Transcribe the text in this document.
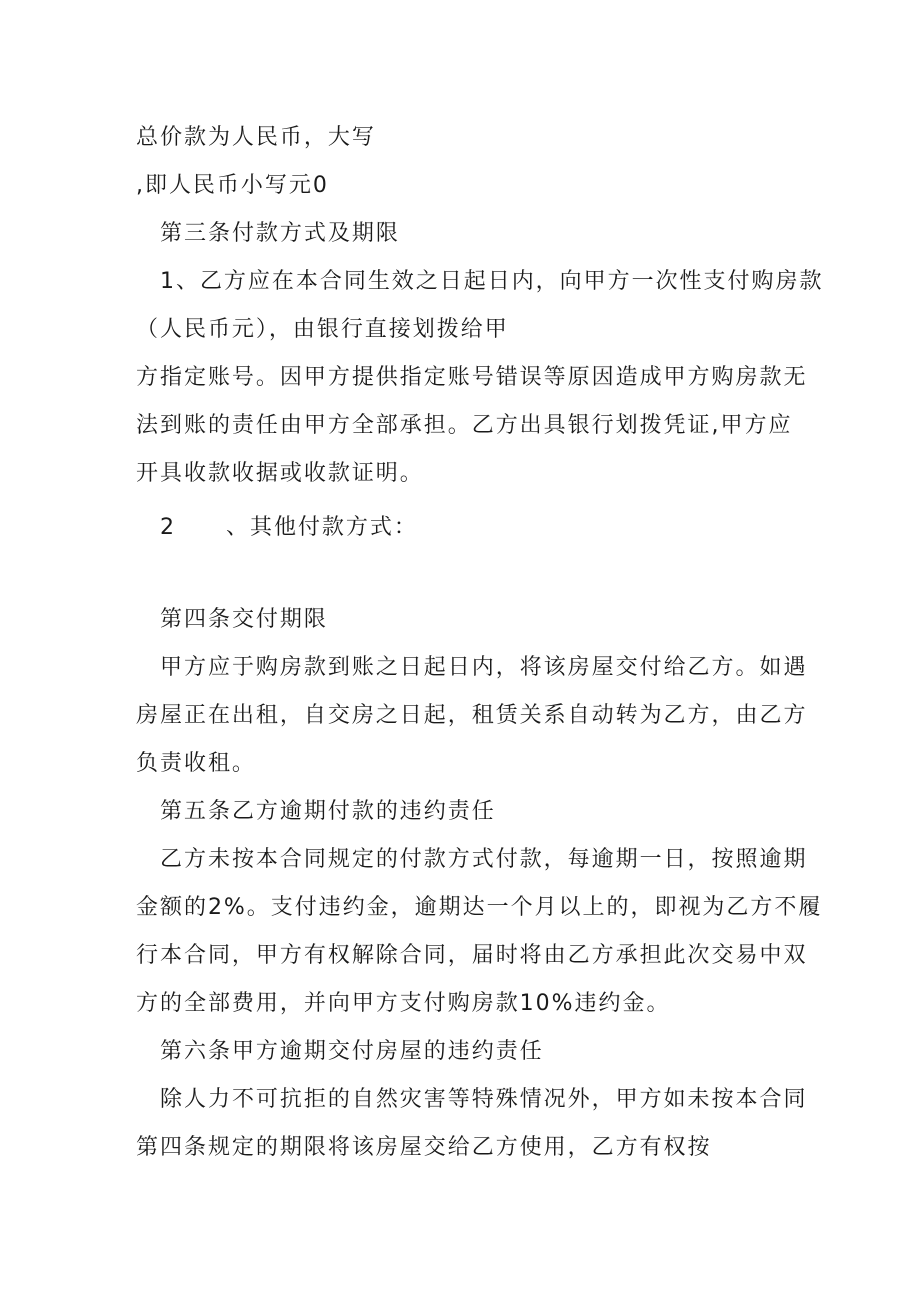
总价款为人民币，大写
,即人民币小写元0
第三条付款方式及期限
1、乙方应在本合同生效之日起日内，向甲方一次性支付购房款
（人民币元），由银行直接划拨给甲
方指定账号。因甲方提供指定账号错误等原因造成甲方购房款无
法到账的责任由甲方全部承担。乙方出具银行划拨凭证,甲方应
开具收款收据或收款证明。
2 、其他付款方式：
第四条交付期限
甲方应于购房款到账之日起日内，将该房屋交付给乙方。如遇
房屋正在出租，自交房之日起，租赁关系自动转为乙方，由乙方
负责收租。
第五条乙方逾期付款的违约责任
乙方未按本合同规定的付款方式付款，每逾期一日，按照逾期
金额的2%。支付违约金，逾期达一个月以上的，即视为乙方不履
行本合同，甲方有权解除合同，届时将由乙方承担此次交易中双
方的全部费用，并向甲方支付购房款10%违约金。
第六条甲方逾期交付房屋的违约责任
除人力不可抗拒的自然灾害等特殊情况外，甲方如未按本合同
第四条规定的期限将该房屋交给乙方使用，乙方有权按
